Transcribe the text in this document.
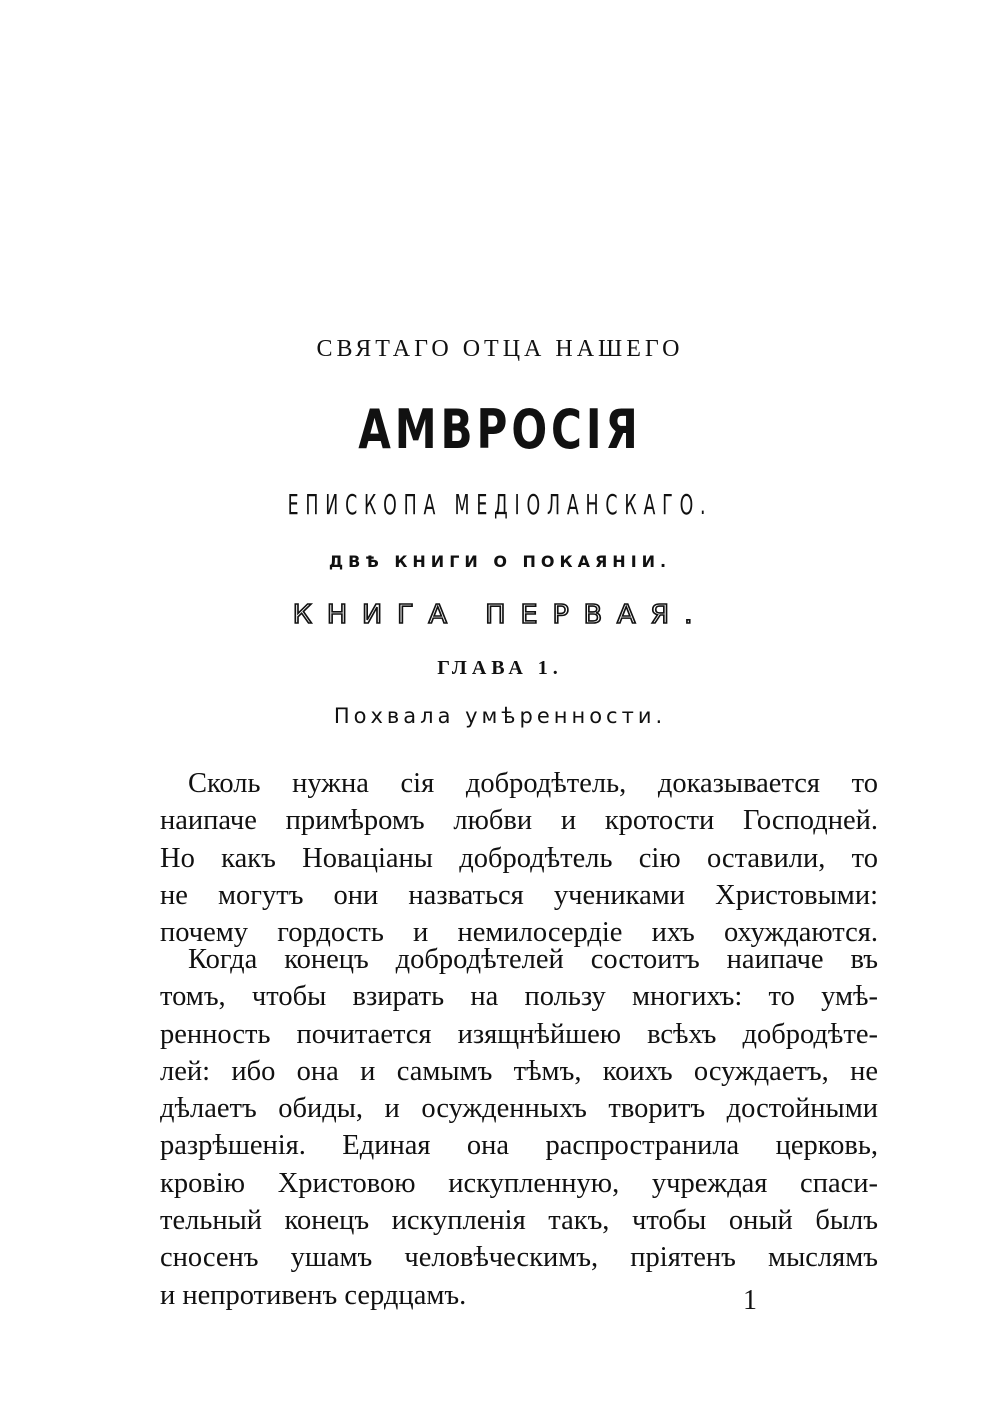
СВЯТАГО ОТЦА НАШЕГО
АМВРОСІЯ
ЕПИСКОПА МЕДІОЛАНСКАГО.
ДВѢ КНИГИ О ПОКАЯНІИ.
КНИГА ПЕРВАЯ.
ГЛАВА 1.
Похвала умѣренности.
Сколь нужна сія добродѣтель, доказывается то
наипаче примѣромъ любви и кротости Господней.
Но какъ Новаціаны добродѣтель сію оставили, то
не могутъ они назваться учениками Христовыми:
почему гордость и немилосердіе ихъ охуждаются.
Когда конецъ добродѣтелей состоитъ наипаче въ
томъ, чтобы взирать на пользу многихъ: то умѣ-
ренность почитается изящнѣйшею всѣхъ добродѣте-
лей: ибо она и самымъ тѣмъ, коихъ осуждаетъ, не
дѣлаетъ обиды, и осужденныхъ творитъ достойными
разрѣшенія. Единая она распространила церковь,
кровію Христовою искупленную, учреждая спаси-
тельный конецъ искупленія такъ, чтобы оный былъ
сносенъ ушамъ человѣческимъ, пріятенъ мыслямъ
и непротивенъ сердцамъ.	1
